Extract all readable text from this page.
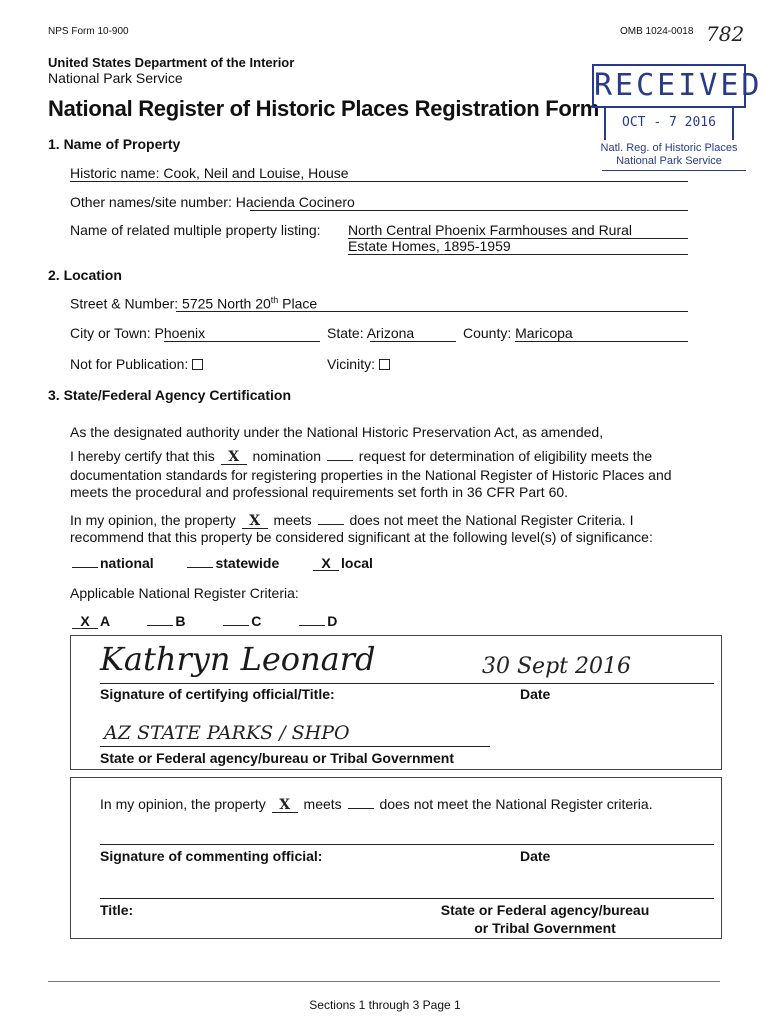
NPS Form 10-900	OMB 1024-0018 782
United States Department of the Interior
National Park Service
National Register of Historic Places Registration Form
RECEIVED
OCT - 7 2016
Natl. Reg. of Historic Places
National Park Service
1. Name of Property
Historic name: Cook, Neil and Louise, House
Other names/site number: Hacienda Cocinero
Name of related multiple property listing: North Central Phoenix Farmhouses and Rural
Estate Homes, 1895-1959
2. Location
Street & Number: 5725 North 20th Place
City or Town: Phoenix	State: Arizona	County: Maricopa
Not for Publication:	Vicinity:
3. State/Federal Agency Certification
As the designated authority under the National Historic Preservation Act, as amended,
I hereby certify that this X nomination	request for determination of eligibility meets the
documentation standards for registering properties in the National Register of Historic Places and
meets the procedural and professional requirements set forth in 36 CFR Part 60.
In my opinion, the property X meets	does not meet the National Register Criteria. I
recommend that this property be considered significant at the following level(s) of significance:
national	statewide	X local
Applicable National Register Criteria:
X A	B	C	D
Kathryn Leonard	30 Sept 2016
Signature of certifying official/Title:	Date
AZ STATE PARKS / SHPO
State or Federal agency/bureau or Tribal Government
In my opinion, the property X meets	does not meet the National Register criteria.
Signature of commenting official:	Date
Title:	State or Federal agency/bureau
or Tribal Government
Sections 1 through 3 Page 1
